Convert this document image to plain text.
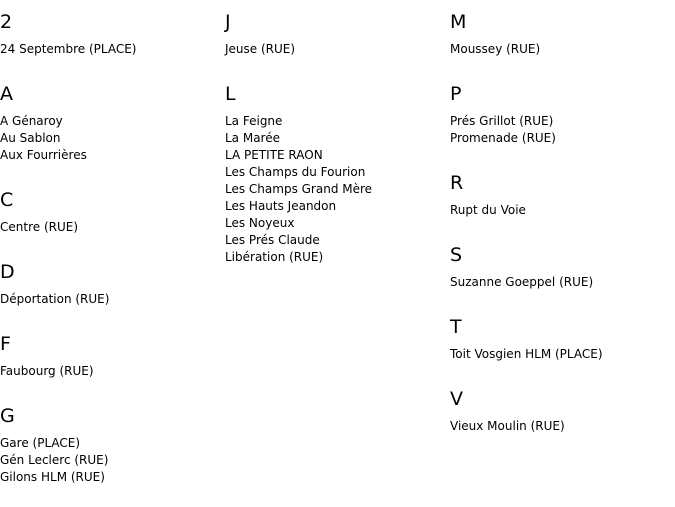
2
24 Septembre (PLACE)
A
A Génaroy
Au Sablon
Aux Fourrières
C
Centre (RUE)
D
Déportation (RUE)
F
Faubourg (RUE)
G
Gare (PLACE)
Gén Leclerc (RUE)
Gilons HLM (RUE)
J
Jeuse (RUE)
L
La Feigne
La Marée
LA PETITE RAON
Les Champs du Fourion
Les Champs Grand Mère
Les Hauts Jeandon
Les Noyeux
Les Prés Claude
Libération (RUE)
M
Moussey (RUE)
P
Prés Grillot (RUE)
Promenade (RUE)
R
Rupt du Voie
S
Suzanne Goeppel (RUE)
T
Toit Vosgien HLM (PLACE)
V
Vieux Moulin (RUE)
